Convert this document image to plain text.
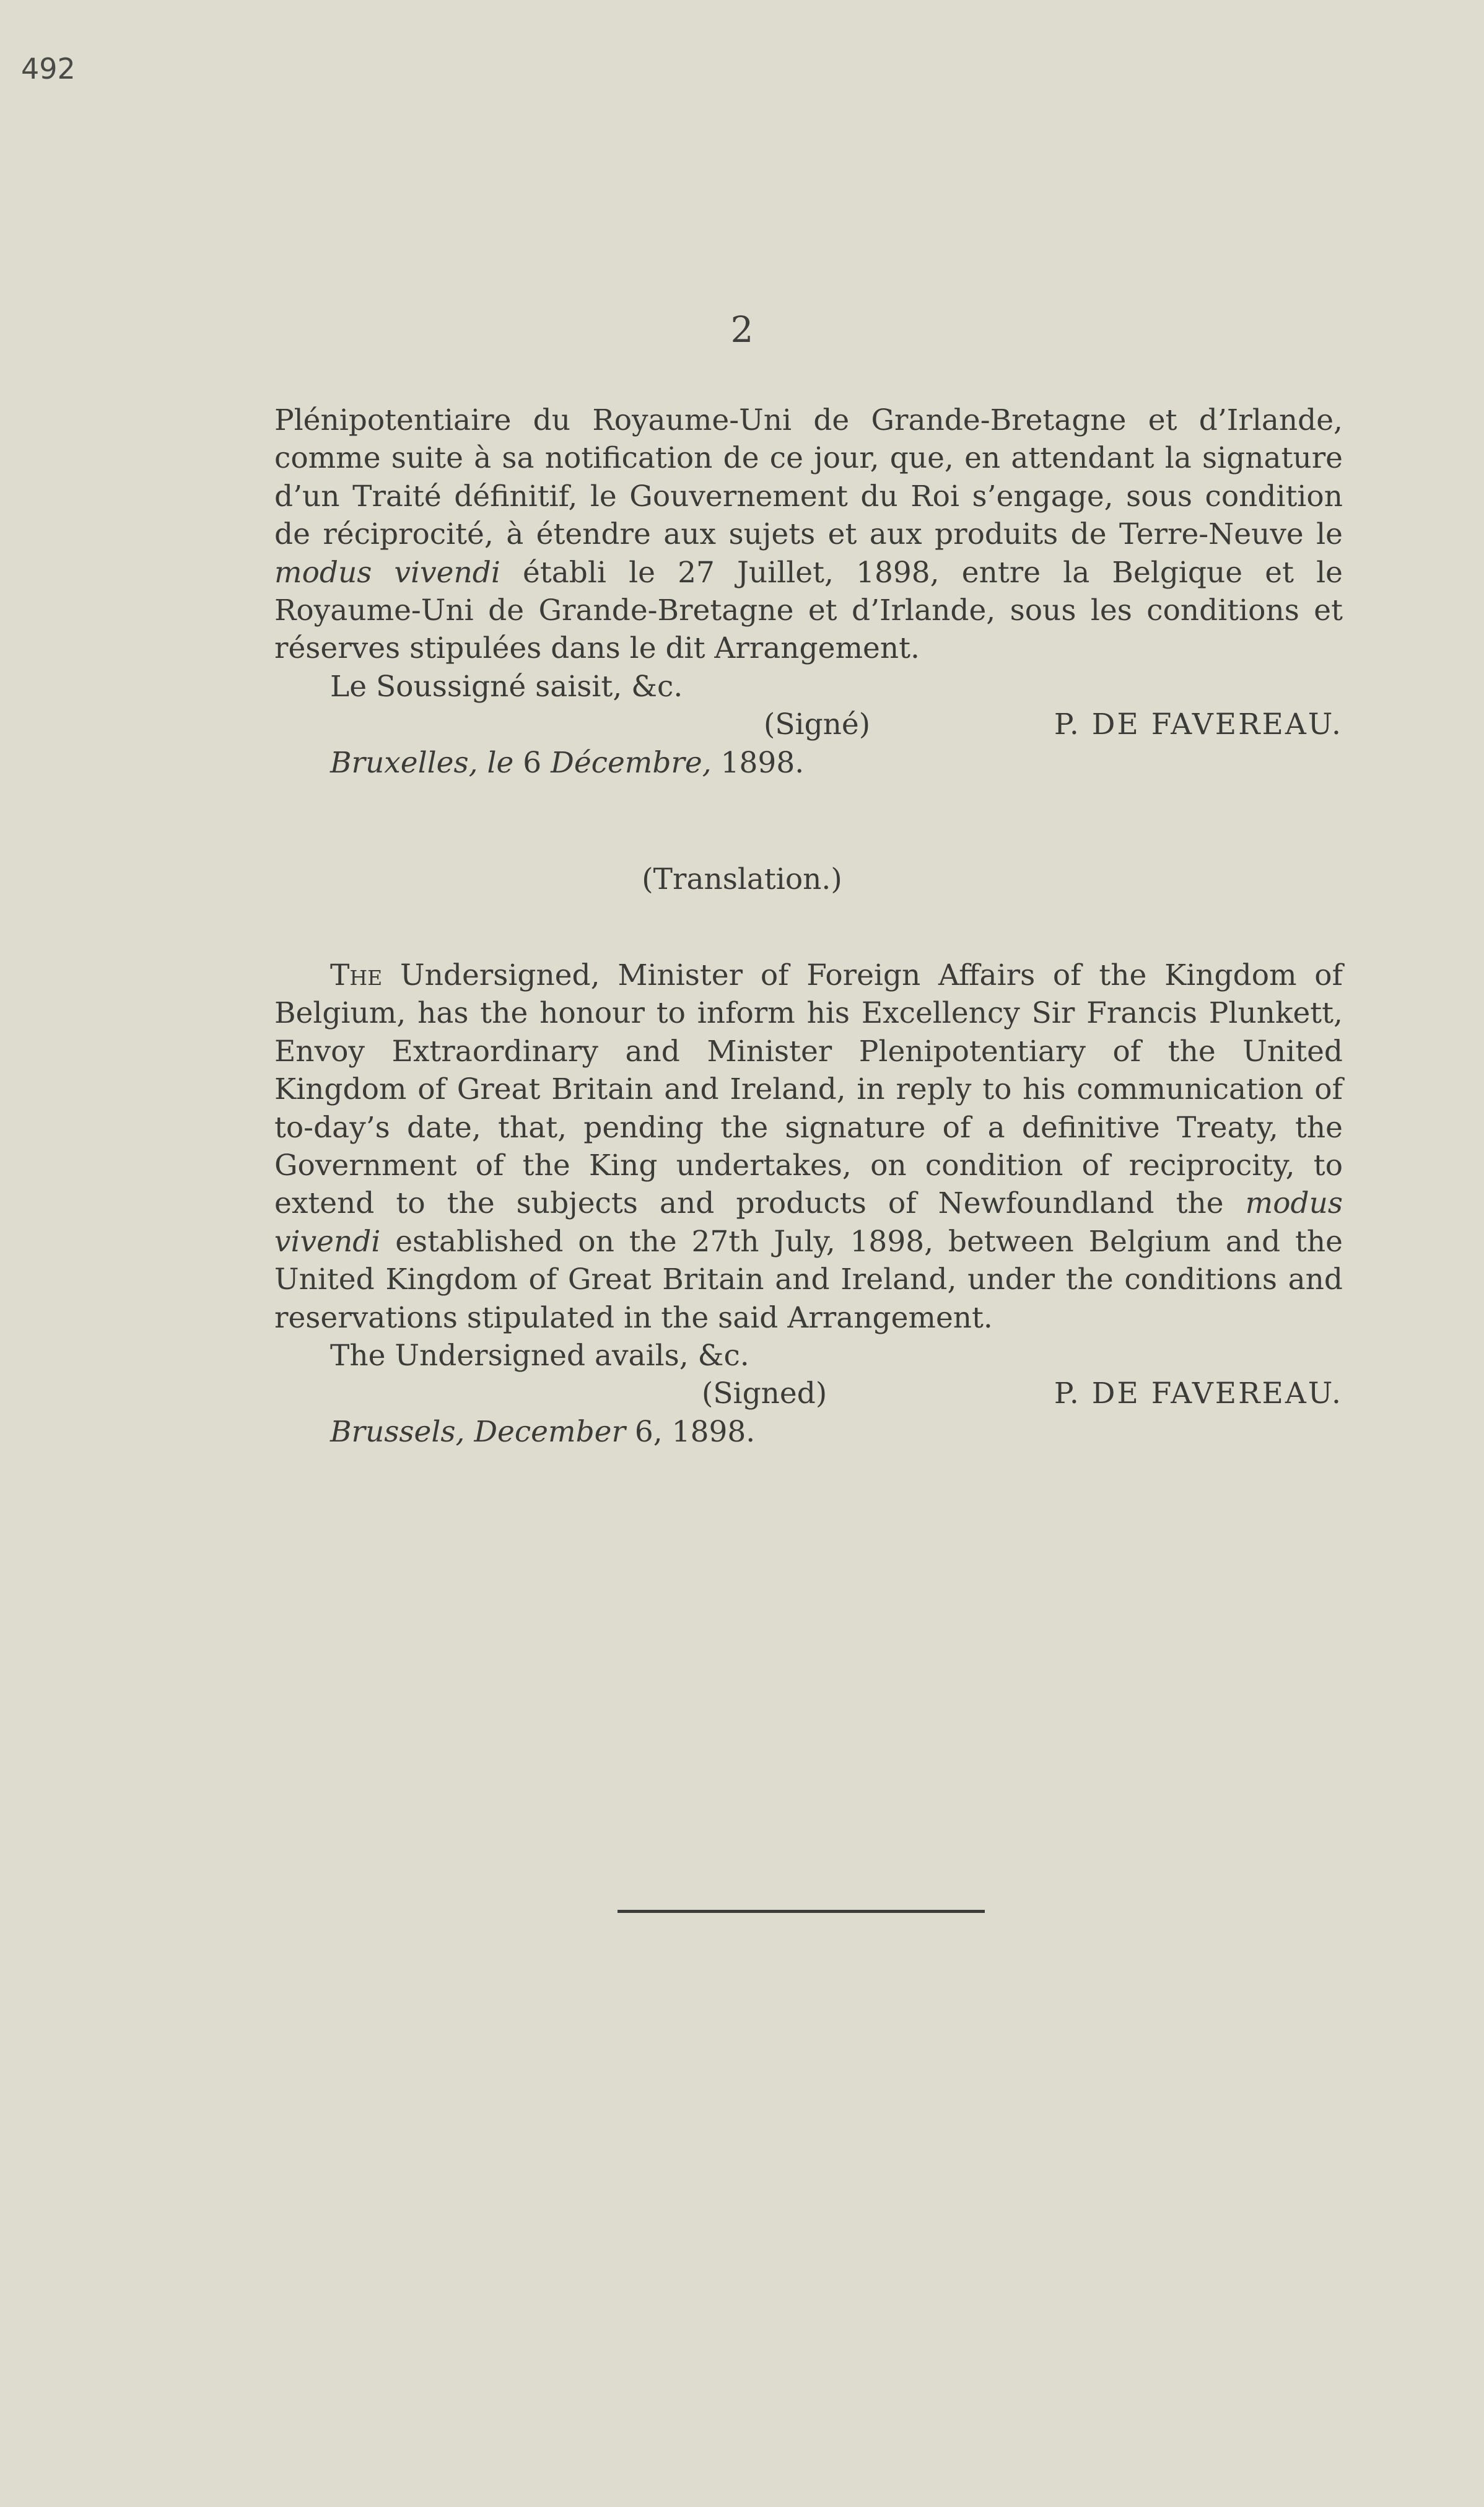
492
2

Plénipotentiaire du Royaume-Uni de Grande-Bretagne et d’Irlande, comme suite à sa notification de ce jour, que, en attendant la signature d’un Traité définitif, le Gouvernement du Roi s’engage, sous condition de réciprocité, à étendre aux sujets et aux produits de Terre-Neuve le modus vivendi établi le 27 Juillet, 1898, entre la Belgique et le Royaume-Uni de Grande-Bretagne et d’Irlande, sous les conditions et réserves stipulées dans le dit Arrangement.

Le Soussigné saisit, &c.

(Signé)	P. DE FAVEREAU.
Bruxelles, le 6 Décembre, 1898.
(Translation.)

The Undersigned, Minister of Foreign Affairs of the Kingdom of Belgium, has the honour to inform his Excellency Sir Francis Plunkett, Envoy Extraordinary and Minister Plenipotentiary of the United Kingdom of Great Britain and Ireland, in reply to his communication of to-day’s date, that, pending the signature of a definitive Treaty, the Government of the King undertakes, on condition of reciprocity, to extend to the subjects and products of Newfoundland the modus vivendi established on the 27th July, 1898, between Belgium and the United Kingdom of Great Britain and Ireland, under the conditions and reservations stipulated in the said Arrangement.

The Undersigned avails, &c.

(Signed)	P. DE FAVEREAU.
Brussels, December 6, 1898.
